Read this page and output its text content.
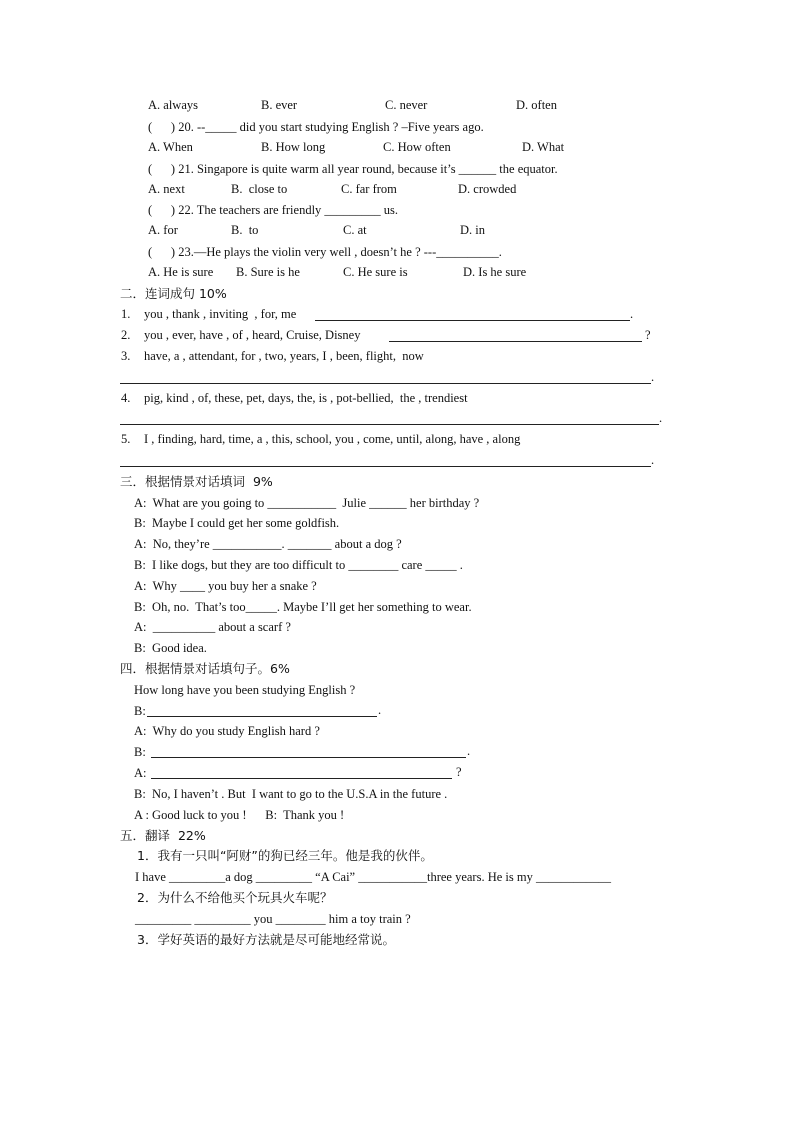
A. always	B. ever	C. never	D. often
(      ) 20. --_____ did you start studying English ? –Five years ago.
A. When	B. How long	C. How often	D. What
(      ) 21. Singapore is quite warm all year round, because it’s ______ the equator.
A. next	B.  close to	C. far from	D. crowded
(      ) 22. The teachers are friendly _________ us.
A. for	B.  to	C. at	D. in
(      ) 23.—He plays the violin very well , doesn’t he ? ---__________.
A. He is sure B. Sure is he	C. He sure is	D. Is he sure
二．连词成句 10%
1. you , thank , inviting  , for, me	.
2. you , ever, have , of , heard, Cruise, Disney	?
3. have, a , attendant, for , two, years, I , been, flight,  now
.
4. pig, kind , of, these, pet, days, the, is , pot-bellied,  the , trendiest
.
5. I , finding, hard, time, a , this, school, you , come, until, along, have , along
.
三．根据情景对话填词  9%
A:  What are you going to ___________  Julie ______ her birthday ?
B:  Maybe I could get her some goldfish.
A:  No, they’re ___________. _______ about a dog ?
B:  I like dogs, but they are too difficult to ________ care _____ .
A:  Why ____ you buy her a snake ?
B:  Oh, no.  That’s too_____. Maybe I’ll get her something to wear.
A:  __________ about a scarf ?
B:  Good idea.
四．根据情景对话填句子。6%
How long have you been studying English ?
B:	.
A:  Why do you study English hard ?
B:	.
A:	?
B:  No, I haven’t . But  I want to go to the U.S.A in the future .
A : Good luck to you !      B:  Thank you !
五．翻译  22%
1．我有一只叫“阿财”的狗已经三年。他是我的伙伴。
I have _________a dog _________ “A Cai” ___________three years. He is my ____________
2．为什么不给他买个玩具火车呢？
_________ _________ you ________ him a toy train ?
3．学好英语的最好方法就是尽可能地经常说。
